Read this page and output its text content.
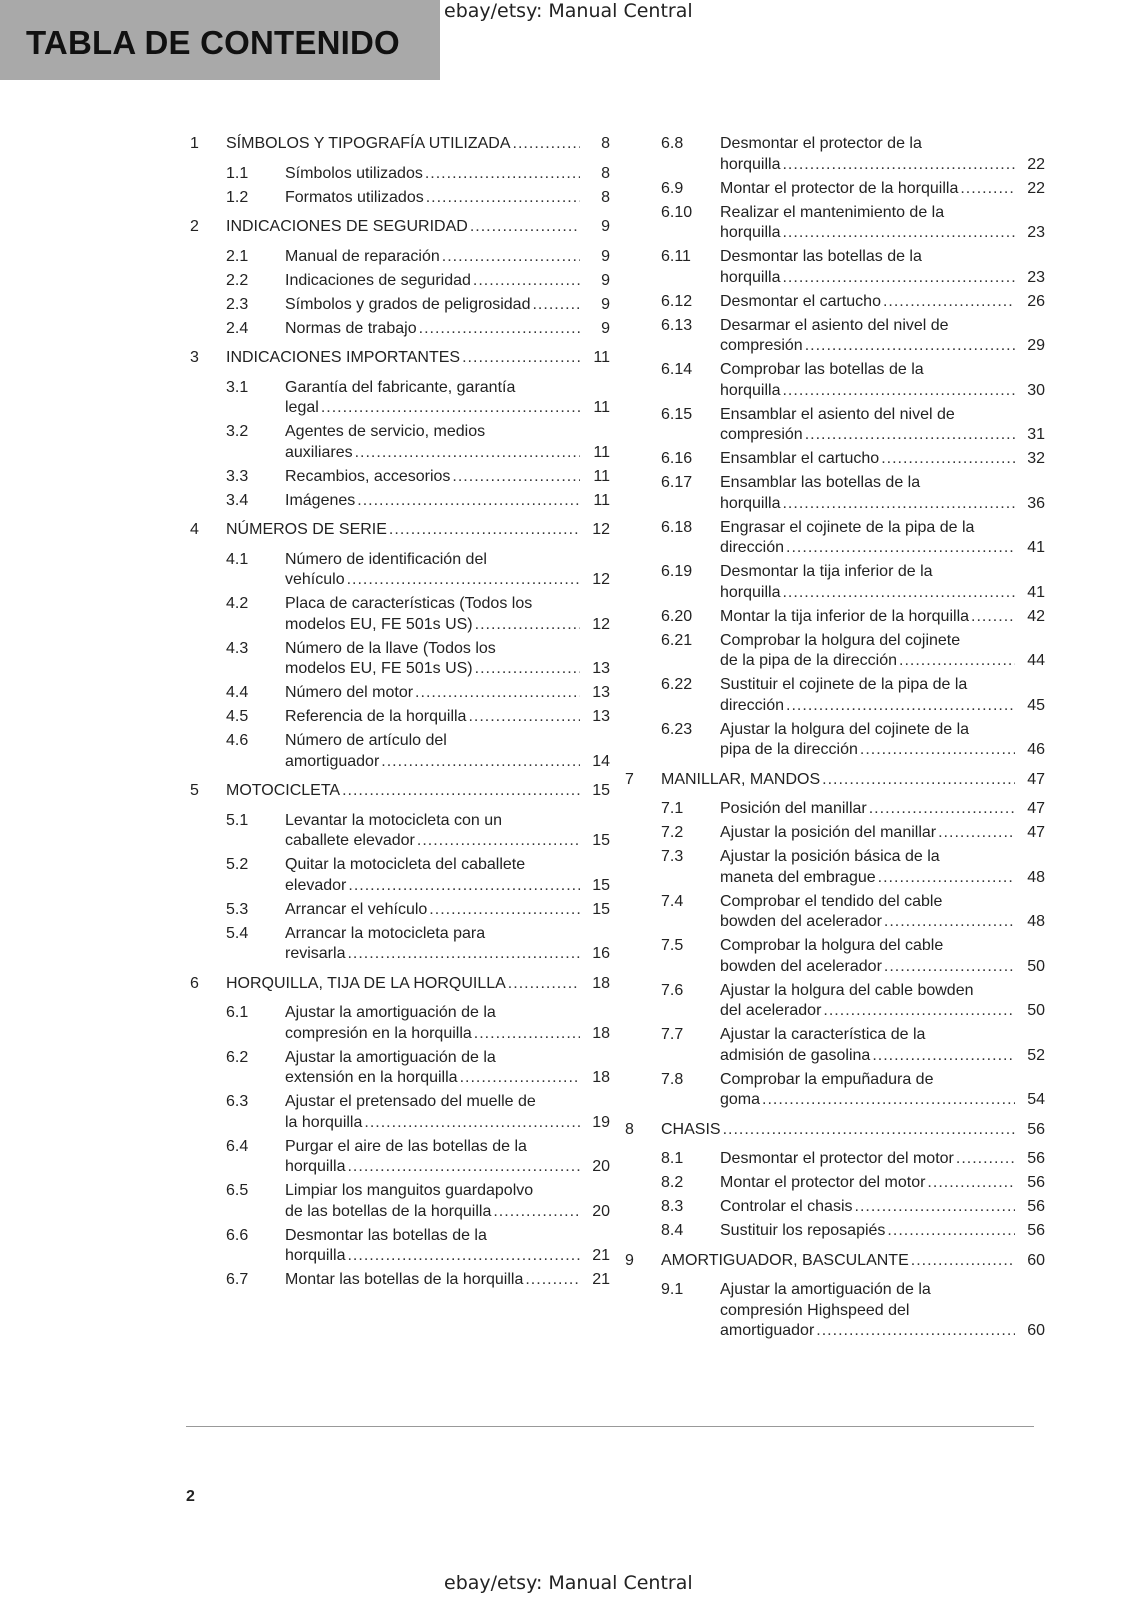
TABLA DE CONTENIDO
ebay/etsy: Manual Central
1 SÍMBOLOS Y TIPOGRAFÍA UTILIZADA .....	8
1.1 Símbolos utilizados .....	8
1.2 Formatos utilizados .....	8
2 INDICACIONES DE SEGURIDAD .....	9
2.1 Manual de reparación .....	9
2.2 Indicaciones de seguridad .....	9
2.3 Símbolos y grados de peligrosidad .....	9
2.4 Normas de trabajo .....	9
3 INDICACIONES IMPORTANTES .....	11
3.1 Garantía del fabricante, garantía
legal .....	11
3.2 Agentes de servicio, medios
auxiliares .....	11
3.3 Recambios, accesorios .....	11
3.4 Imágenes .....	11
4 NÚMEROS DE SERIE .....	12
4.1 Número de identificación del
vehículo .....	12
4.2 Placa de características (Todos los
modelos EU, FE 501s US) .....	12
4.3 Número de la llave (Todos los
modelos EU, FE 501s US) .....	13
4.4 Número del motor .....	13
4.5 Referencia de la horquilla .....	13
4.6 Número de artículo del
amortiguador .....	14
5 MOTOCICLETA .....	15
5.1 Levantar la motocicleta con un
caballete elevador .....	15
5.2 Quitar la motocicleta del caballete
elevador .....	15
5.3 Arrancar el vehículo .....	15
5.4 Arrancar la motocicleta para
revisarla .....	16
6 HORQUILLA, TIJA DE LA HORQUILLA .....	18
6.1 Ajustar la amortiguación de la
compresión en la horquilla .....	18
6.2 Ajustar la amortiguación de la
extensión en la horquilla .....	18
6.3 Ajustar el pretensado del muelle de
la horquilla .....	19
6.4 Purgar el aire de las botellas de la
horquilla .....	20
6.5 Limpiar los manguitos guardapolvo
de las botellas de la horquilla .....	20
6.6 Desmontar las botellas de la
horquilla .....	21
6.7 Montar las botellas de la horquilla .....	21
6.8 Desmontar el protector de la
horquilla .....	22
6.9 Montar el protector de la horquilla .....	22
6.10 Realizar el mantenimiento de la
horquilla .....	23
6.11 Desmontar las botellas de la
horquilla .....	23
6.12 Desmontar el cartucho .....	26
6.13 Desarmar el asiento del nivel de
compresión .....	29
6.14 Comprobar las botellas de la
horquilla .....	30
6.15 Ensamblar el asiento del nivel de
compresión .....	31
6.16 Ensamblar el cartucho .....	32
6.17 Ensamblar las botellas de la
horquilla .....	36
6.18 Engrasar el cojinete de la pipa de la
dirección .....	41
6.19 Desmontar la tija inferior de la
horquilla .....	41
6.20 Montar la tija inferior de la horquilla .....	42
6.21 Comprobar la holgura del cojinete
de la pipa de la dirección .....	44
6.22 Sustituir el cojinete de la pipa de la
dirección .....	45
6.23 Ajustar la holgura del cojinete de la
pipa de la dirección .....	46
7 MANILLAR, MANDOS .....	47
7.1 Posición del manillar .....	47
7.2 Ajustar la posición del manillar .....	47
7.3 Ajustar la posición básica de la
maneta del embrague .....	48
7.4 Comprobar el tendido del cable
bowden del acelerador .....	48
7.5 Comprobar la holgura del cable
bowden del acelerador .....	50
7.6 Ajustar la holgura del cable bowden
del acelerador .....	50
7.7 Ajustar la característica de la
admisión de gasolina .....	52
7.8 Comprobar la empuñadura de
goma .....	54
8 CHASIS .....	56
8.1 Desmontar el protector del motor .....	56
8.2 Montar el protector del motor .....	56
8.3 Controlar el chasis .....	56
8.4 Sustituir los reposapiés .....	56
9 AMORTIGUADOR, BASCULANTE .....	60
9.1 Ajustar la amortiguación de la
compresión Highspeed del
amortiguador .....	60
2
ebay/etsy: Manual Central
